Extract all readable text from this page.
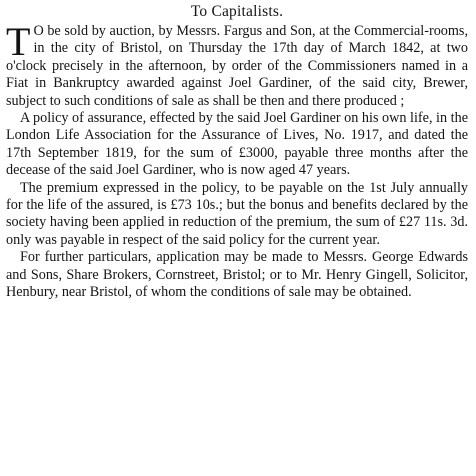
To Capitalists.

T O be sold by auction, by Messrs. Fargus and Son, at the Commercial-rooms, in the city of Bristol, on Thursday the 17th day of March 1842, at two o'clock precisely in the afternoon, by order of the Commissioners named in a Fiat in Bankruptcy awarded against Joel Gardiner, of the said city, Brewer, subject to such conditions of sale as shall be then and there produced ;

A policy of assurance, effected by the said Joel Gardiner on his own life, in the London Life Association for the Assurance of Lives, No. 1917, and dated the 17th September 1819, for the sum of £3000, payable three months after the decease of the said Joel Gardiner, who is now aged 47 years.

The premium expressed in the policy, to be payable on the 1st July annually for the life of the assured, is £73 10s.; but the bonus and benefits declared by the society having been applied in reduction of the premium, the sum of £27 11s. 3d. only was payable in respect of the said policy for the current year.

For further particulars, application may be made to Messrs. George Edwards and Sons, Share Brokers, Cornstreet, Bristol; or to Mr. Henry Gingell, Solicitor, Henbury, near Bristol, of whom the conditions of sale may be obtained.
